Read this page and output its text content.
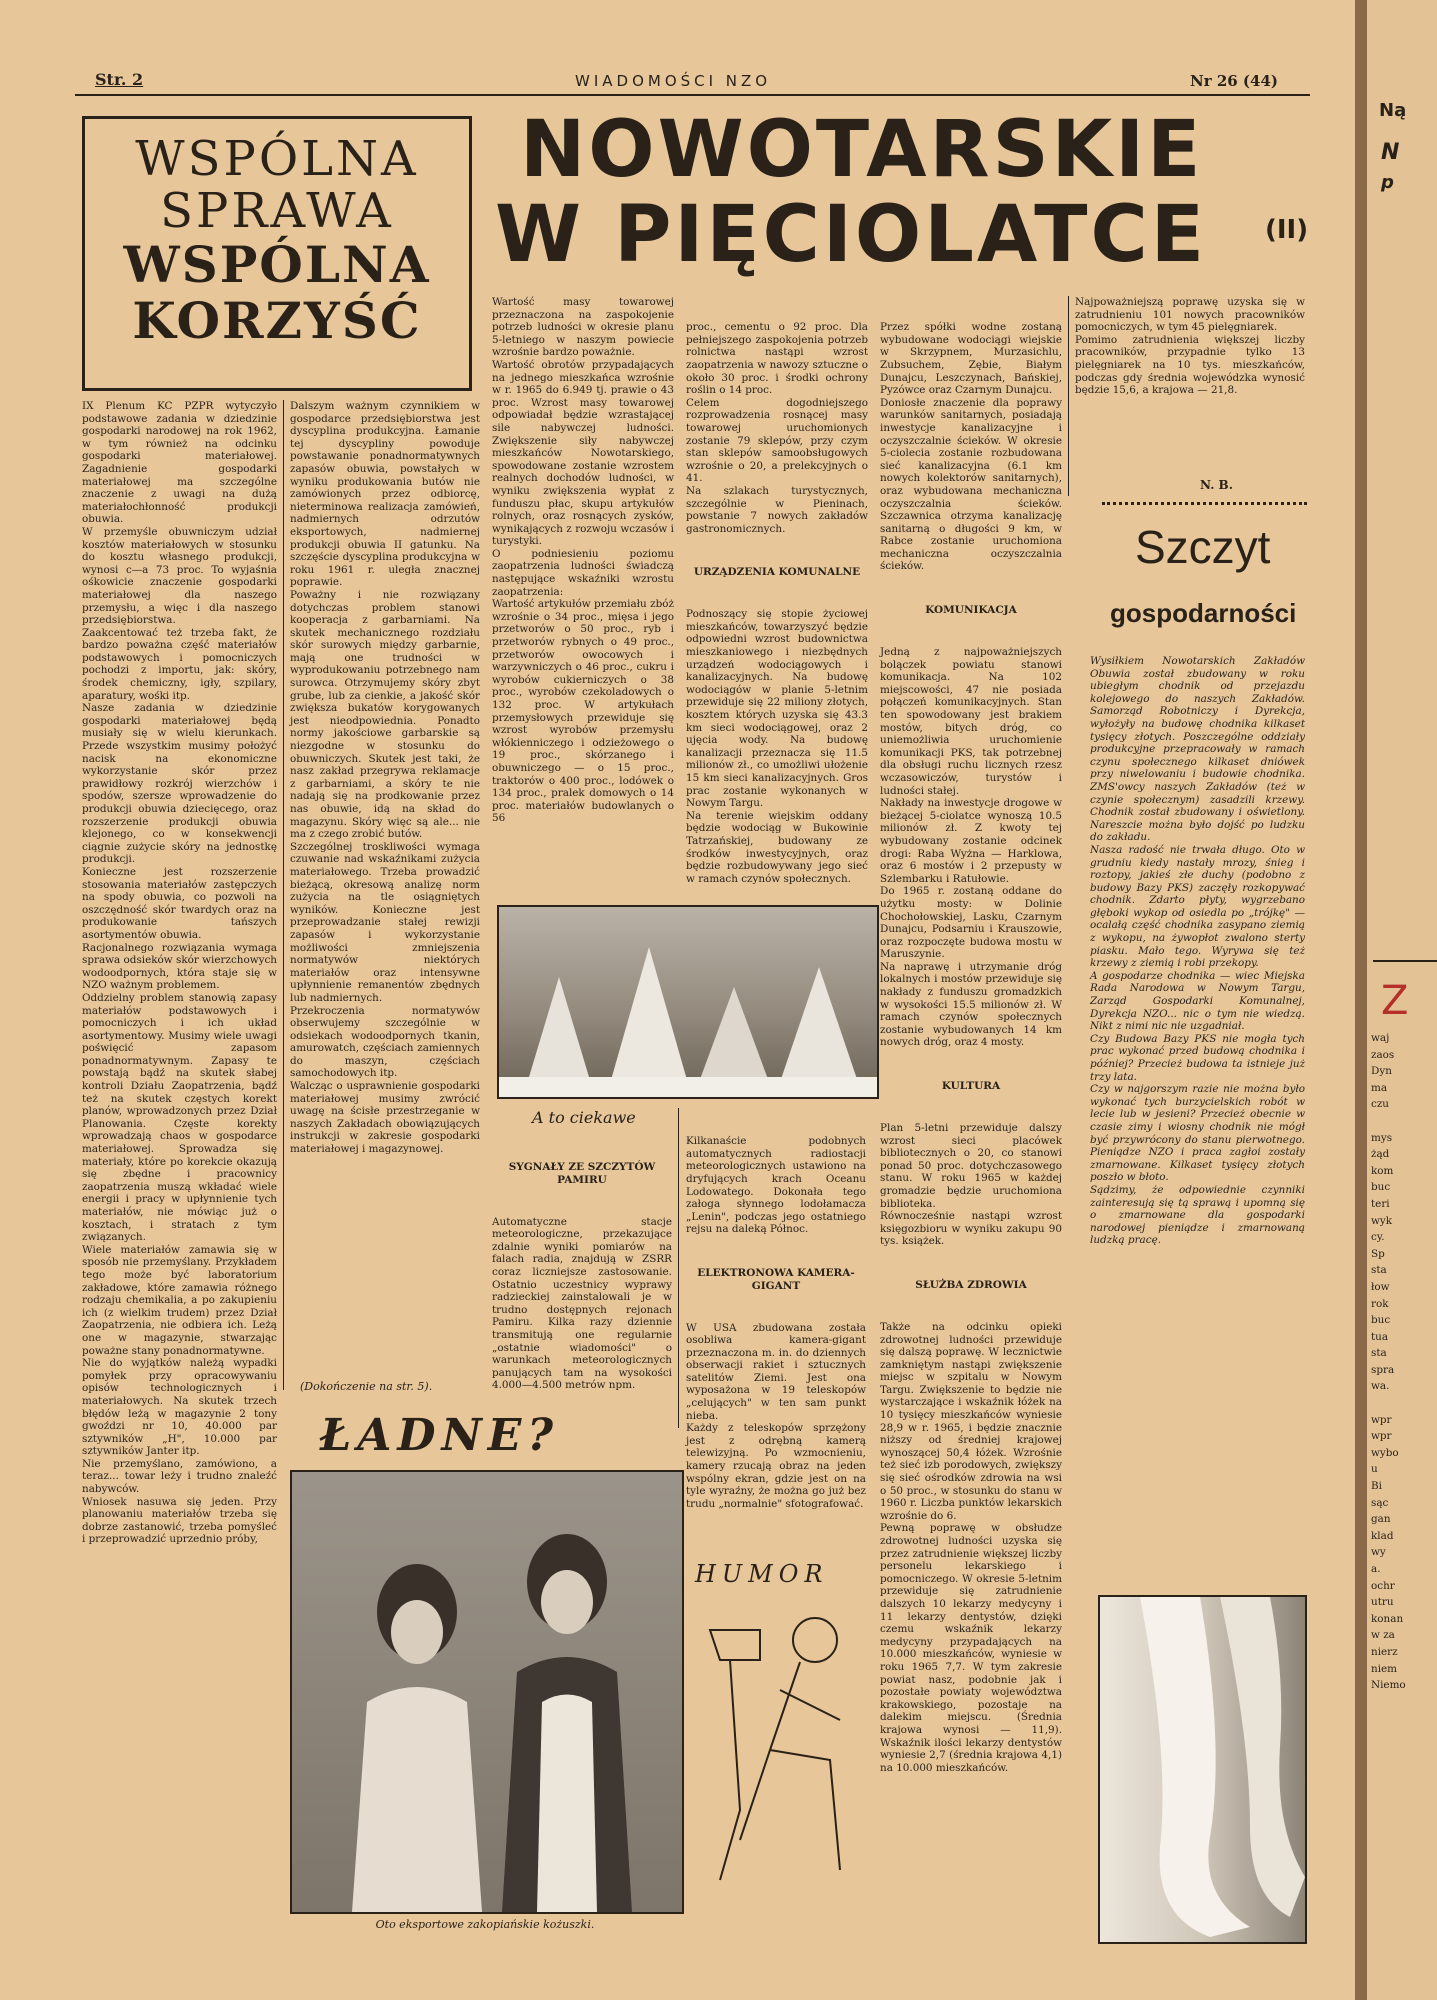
Str. 2	WIADOMOŚCI NZO	Nr 26 (44)
WSPÓLNA
SPRAWA
WSPÓLNA
KORZYŚĆ
IX Plenum KC PZPR wytyczyło podstawowe zadania w dziedzinie gospodarki narodowej na rok 1962, w tym również na odcinku gospodarki materiałowej. Zagadnienie gospodarki materiałowej ma szczególne znaczenie z uwagi na dużą materiałochłonność produkcji obuwia.
W przemyśle obuwniczym udział kosztów materiałowych w stosunku do kosztu własnego produkcji, wynosi c—a 73 proc. To wyjaśnia ośkowicie znaczenie gospodarki materiałowej dla naszego przemysłu, a więc i dla naszego przedsiębiorstwa.
Zaakcentować też trzeba fakt, że bardzo poważna część materiałów podstawowych i pomocniczych pochodzi z importu, jak: skóry, środek chemiczny, igły, szpilary, aparatury, wośki itp.
Nasze zadania w dziedzinie gospodarki materiałowej będą musiały się w wielu kierunkach. Przede wszystkim musimy położyć nacisk na ekonomiczne wykorzystanie skór przez prawidłowy rozkrój wierzchów i spodów, szersze wprowadzenie do produkcji obuwia dziecięcego, oraz rozszerzenie produkcji obuwia klejonego, co w konsekwencji ciągnie zużycie skóry na jednostkę produkcji.
Konieczne jest rozszerzenie stosowania materiałów zastępczych na spody obuwia, co pozwoli na oszczędność skór twardych oraz na produkowanie tańszych asortymentów obuwia.
Racjonalnego rozwiązania wymaga sprawa odsieków skór wierzchowych wodoodpornych, która staje się w NZO ważnym problemem.
Oddzielny problem stanowią zapasy materiałów podstawowych i pomocniczych i ich układ asortymentowy. Musimy wiele uwagi poświęcić zapasom ponadnormatywnym. Zapasy te powstają bądź na skutek słabej kontroli Działu Zaopatrzenia, bądź też na skutek częstych korekt planów, wprowadzonych przez Dział Planowania. Częste korekty wprowadzają chaos w gospodarce materiałowej. Sprowadza się materiały, które po korekcie okazują się zbędne i pracownicy zaopatrzenia muszą wkładać wiele energii i pracy w upłynnienie tych materiałów, nie mówiąc już o kosztach, i stratach z tym związanych.
Wiele materiałów zamawia się w sposób nie przemyślany. Przykładem tego może być laboratorium zakładowe, które zamawia różnego rodzaju chemikalia, a po zakupieniu ich (z wielkim trudem) przez Dział Zaopatrzenia, nie odbiera ich. Leżą one w magazynie, stwarzając poważne stany ponadnormatywne.
Nie do wyjątków należą wypadki pomyłek przy opracowywaniu opisów technologicznych i materiałowych. Na skutek trzech błędów leżą w magazynie 2 tony gwoździ nr 10, 40.000 par sztywników „H", 10.000 par sztywników Janter itp.
Nie przemyślano, zamówiono, a teraz... towar leży i trudno znaleźć nabywców.
Wniosek nasuwa się jeden. Przy planowaniu materiałów trzeba się dobrze zastanowić, trzeba pomyśleć i przeprowadzić uprzednio próby,
Dalszym ważnym czynnikiem w gospodarce przedsiębiorstwa jest dyscyplina produkcyjna. Łamanie tej dyscypliny powoduje powstawanie ponadnormatywnych zapasów obuwia, powstałych w wyniku produkowania butów nie zamówionych przez odbiorcę, nieterminowa realizacja zamówień, nadmiernych odrzutów eksportowych, nadmiernej produkcji obuwia II gatunku. Na szczęście dyscyplina produkcyjna w roku 1961 r. uległa znacznej poprawie.
Poważny i nie rozwiązany dotychczas problem stanowi kooperacja z garbarniami. Na skutek mechanicznego rozdziału skór surowych między garbarnie, mają one trudności w wyprodukowaniu potrzebnego nam surowca. Otrzymujemy skóry zbyt grube, lub za cienkie, a jakość skór zwiększa bukatów korygowanych jest nieodpowiednia. Ponadto normy jakościowe garbarskie są niezgodne w stosunku do obuwniczych. Skutek jest taki, że nasz zakład przegrywa reklamacje z garbarniami, a skóry te nie nadają się na prodkowanie przez nas obuwie, idą na skład do magazynu. Skóry więc są ale... nie ma z czego zrobić butów.
Szczególnej troskliwości wymaga czuwanie nad wskaźnikami zużycia materiałowego. Trzeba prowadzić bieżącą, okresową analizę norm zużycia na tle osiągniętych wyników. Konieczne jest przeprowadzanie stałej rewizji zapasów i wykorzystanie możliwości zmniejszenia normatywów niektórych materiałów oraz intensywne upłynnienie remanentów zbędnych lub nadmiernych.
Przekroczenia normatywów obserwujemy szczególnie w odsiekach wodoodpornych tkanin, amurowatch, częściach zamiennych do maszyn, częściach samochodowych itp.
Walcząc o usprawnienie gospodarki materiałowej musimy zwrócić uwagę na ścisłe przestrzeganie w naszych Zakładach obowiązujących instrukcji w zakresie gospodarki materiałowej i magazynowej.
(Dokończenie na str. 5).
NOWOTARSKIE
W PIĘCIOLATCE (II)
Wartość masy towarowej przeznaczona na zaspokojenie potrzeb ludności w okresie planu 5-letniego w naszym powiecie wzrośnie bardzo poważnie.
Wartość obrotów przypadających na jednego mieszkańca wzrośnie w r. 1965 do 6.949 tj. prawie o 43 proc. Wzrost masy towarowej odpowiadał będzie wzrastającej sile nabywczej ludności. Zwiększenie siły nabywczej mieszkańców Nowotarskiego, spowodowane zostanie wzrostem realnych dochodów ludności, w wyniku zwiększenia wypłat z funduszu płac, skupu artykułów rolnych, oraz rosnących zysków, wynikających z rozwoju wczasów i turystyki.
O podniesieniu poziomu zaopatrzenia ludności świadczą następujące wskaźniki wzrostu zaopatrzenia:
Wartość artykułów przemiału zbóż wzrośnie o 34 proc., mięsa i jego przetworów o 50 proc., ryb i przetworów rybnych o 49 proc., przetworów owocowych i warzywniczych o 46 proc., cukru i wyrobów cukierniczych o 38 proc., wyrobów czekoladowych o 132 proc. W artykułach przemysłowych przewiduje się wzrost wyrobów przemysłu włókienniczego i odzieżowego o 19 proc., skórzanego i obuwniczego — o 15 proc., traktorów o 400 proc., lodówek o 134 proc., pralek domowych o 14 proc. materiałów budowlanych o 56

proc., cementu o 92 proc. Dla pełniejszego zaspokojenia potrzeb rolnictwa nastąpi wzrost zaopatrzenia w nawozy sztuczne o około 30 proc. i środki ochrony roślin o 14 proc.
Celem dogodniejszego rozprowadzenia rosnącej masy towarowej uruchomionych zostanie 79 sklepów, przy czym stan sklepów samoobsługowych wzrośnie o 20, a prelekcyjnych o 41.
Na szlakach turystycznych, szczególnie w Pieninach, powstanie 7 nowych zakładów gastronomicznych.

URZĄDZENIA KOMUNALNE

Podnoszący się stopie życiowej mieszkańców, towarzyszyć będzie odpowiedni wzrost budownictwa mieszkaniowego i niezbędnych urządzeń wodociągowych i kanalizacyjnych. Na budowę wodociągów w planie 5-letnim przewiduje się 22 miliony złotych, kosztem których uzyska się 43.3 km sieci wodociągowej, oraz 2 ujęcia wody. Na budowę kanalizacji przeznacza się 11.5 milionów zł., co umożliwi ułożenie 15 km sieci kanalizacyjnych. Gros prac zostanie wykonanych w Nowym Targu.
Na terenie wiejskim oddany będzie wodociąg w Bukowinie Tatrzańskiej, budowany ze środków inwestycyjnych, oraz będzie rozbudowywany jego sieć w ramach czynów społecznych.

Przez spółki wodne zostaną wybudowane wodociągi wiejskie w Skrzypnem, Murzasichlu, Zubsuchem, Zębie, Białym Dunajcu, Leszczynach, Bańskiej, Pyzówce oraz Czarnym Dunajcu.
Doniosłe znaczenie dla poprawy warunków sanitarnych, posiadają inwestycje kanalizacyjne i oczyszczalnie ścieków. W okresie 5-ciolecia zostanie rozbudowana sieć kanalizacyjna (6.1 km nowych kolektorów sanitarnych), oraz wybudowana mechaniczna oczyszczalnia ścieków. Szczawnica otrzyma kanalizację sanitarną o długości 9 km, w Rabce zostanie uruchomiona mechaniczna oczyszczalnia ścieków.

KOMUNIKACJA

Jedną z najpoważniejszych bolączek powiatu stanowi komunikacja. Na 102 miejscowości, 47 nie posiada połączeń komunikacyjnych. Stan ten spowodowany jest brakiem mostów, bitych dróg, co uniemożliwia uruchomienie komunikacji PKS, tak potrzebnej dla obsługi ruchu licznych rzesz wczasowiczów, turystów i ludności stałej.
Nakłady na inwestycje drogowe w bieżącej 5-ciolatce wynoszą 10.5 milionów zł. Z kwoty tej wybudowany zostanie odcinek drogi: Raba Wyżna — Harklowa, oraz 6 mostów i 2 przepusty w Szlembarku i Ratułowie.
Do 1965 r. zostaną oddane do użytku mosty: w Dolinie Chochołowskiej, Lasku, Czarnym Dunajcu, Podsarniu i Krauszowie, oraz rozpoczęte budowa mostu w Maruszynie.
Na naprawę i utrzymanie dróg lokalnych i mostów przewiduje się nakłady z funduszu gromadzkich w wysokości 15.5 milionów zł. W ramach czynów społecznych zostanie wybudowanych 14 km nowych dróg, oraz 4 mosty.

KULTURA

Plan 5-letni przewiduje dalszy wzrost sieci placówek bibliotecznych o 20, co stanowi ponad 50 proc. dotychczasowego stanu. W roku 1965 w każdej gromadzie będzie uruchomiona biblioteka.
Równocześnie nastąpi wzrost księgozbioru w wyniku zakupu 90 tys. książek.

SŁUŻBA ZDROWIA

Także na odcinku opieki zdrowotnej ludności przewiduje się dalszą poprawę. W lecznictwie zamkniętym nastąpi zwiększenie miejsc w szpitalu w Nowym Targu. Zwiększenie to będzie nie wystarczające i wskaźnik łóżek na 10 tysięcy mieszkańców wyniesie 28,9 w r. 1965, i będzie znacznie niższy od średniej krajowej wynoszącej 50,4 łóżek. Wzrośnie też sieć izb porodowych, zwiększy się sieć ośrodków zdrowia na wsi o 50 proc., w stosunku do stanu w 1960 r. Liczba punktów lekarskich wzrośnie do 6.
Pewną poprawę w obsłudze zdrowotnej ludności uzyska się przez zatrudnienie większej liczby personelu lekarskiego i pomocniczego. W okresie 5-letnim przewiduje się zatrudnienie dalszych 10 lekarzy medycyny i 11 lekarzy dentystów, dzięki czemu wskaźnik lekarzy medycyny przypadających na 10.000 mieszkańców, wyniesie w roku 1965 7,7. W tym zakresie powiat nasz, podobnie jak i pozostałe powiaty województwa krakowskiego, pozostaje na dalekim miejscu. (Średnia krajowa wynosi — 11,9). Wskaźnik ilości lekarzy dentystów wyniesie 2,7 (średnia krajowa 4,1) na 10.000 mieszkańców.

Najpoważniejszą poprawę uzyska się w zatrudnieniu 101 nowych pracowników pomocniczych, w tym 45 pielęgniarek.
Pomimo zatrudnienia większej liczby pracowników, przypadnie tylko 13 pielęgniarek na 10 tys. mieszkańców, podczas gdy średnia wojewódzka wynosić będzie 15,6, a krajowa — 21,8.
N. B.
A to ciekawe

SYGNAŁY ZE SZCZYTÓW PAMIRU

Automatyczne stacje meteorologiczne, przekazujące zdalnie wyniki pomiarów na falach radia, znajdują w ZSRR coraz liczniejsze zastosowanie. Ostatnio uczestnicy wyprawy radzieckiej zainstalowali je w trudno dostępnych rejonach Pamiru. Kilka razy dziennie transmitują one regularnie „ostatnie wiadomości" o warunkach meteorologicznych panujących tam na wysokości 4.000—4.500 metrów npm.

Kilkanaście podobnych automatycznych radiostacji meteorologicznych ustawiono na dryfujących krach Oceanu Lodowatego. Dokonała tego załoga słynnego lodołamacza „Lenin", podczas jego ostatniego rejsu na daleką Północ.

ELEKTRONOWA KAMERA-GIGANT

W USA zbudowana została osobliwa kamera-gigant przeznaczona m. in. do dziennych obserwacji rakiet i sztucznych satelitów Ziemi. Jest ona wyposażona w 19 teleskopów „celujących" w ten sam punkt nieba.
Każdy z teleskopów sprzężony jest z odrębną kamerą telewizyjną. Po wzmocnieniu, kamery rzucają obraz na jeden wspólny ekran, gdzie jest on na tyle wyraźny, że można go już bez trudu „normalnie" sfotografować.

ŁADNE?
Oto eksportowe zakopiańskie kożuszki.
HUMOR
Szczyt
gospodarności
Wysiłkiem Nowotarskich Zakładów Obuwia został zbudowany w roku ubiegłym chodnik od przejazdu kolejowego do naszych Zakładów. Samorząd Robotniczy i Dyrekcja, wyłożyły na budowę chodnika kilkaset tysięcy złotych. Poszczególne oddziały produkcyjne przepracowały w ramach czynu społecznego kilkaset dniówek przy niwelowaniu i budowie chodnika. ZMS'owcy naszych Zakładów (też w czynie społecznym) zasadzili krzewy. Chodnik został zbudowany i oświetlony. Nareszcie można było dojść po ludzku do zakładu.
Nasza radość nie trwała długo. Oto w grudniu kiedy nastały mrozy, śnieg i roztopy, jakieś złe duchy (podobno z budowy Bazy PKS) zaczęły rozkopywać chodnik. Zdarto płyty, wygrzebano głęboki wykop od osiedla po „trójkę" — ocalałą część chodnika zasypano ziemią z wykopu, na żywopłot zwalono sterty piasku. Mało tego. Wyrywa się też krzewy z ziemią i robi przekopy.
A gospodarze chodnika — wiec Miejska Rada Narodowa w Nowym Targu, Zarząd Gospodarki Komunalnej, Dyrekcja NZO... nic o tym nie wiedzą. Nikt z nimi nic nie uzgadniał.
Czy Budowa Bazy PKS nie mogła tych prac wykonać przed budową chodnika i później? Przecież budowa ta istnieje już trzy lata.
Czy w najgorszym razie nie można było wykonać tych burzycielskich robót w lecie lub w jesieni? Przecież obecnie w czasie zimy i wiosny chodnik nie mógł być przywrócony do stanu pierwotnego. Pieniądze NZO i praca zagłoi zostały zmarnowane. Kilkaset tysięcy złotych poszło w błoto.
Sądzimy, że odpowiednie czynniki zainteresują się tą sprawą i upomną się o zmarnowane dla gospodarki narodowej pieniądze i zmarnowaną ludzką pracę.
Ną
N
p
Z
waj
zaos
Dyn
ma
czu

mys
żąd
kom
buc
teri
wyk
cy.
Sp
sta
łow
rok
buc
tua
sta
spra
wa.

wpr
wpr
wybo
u
Bi
sąc
gan
klad
wy
a.
ochr
utru
konan
w za
nierz
niem
Niemo
